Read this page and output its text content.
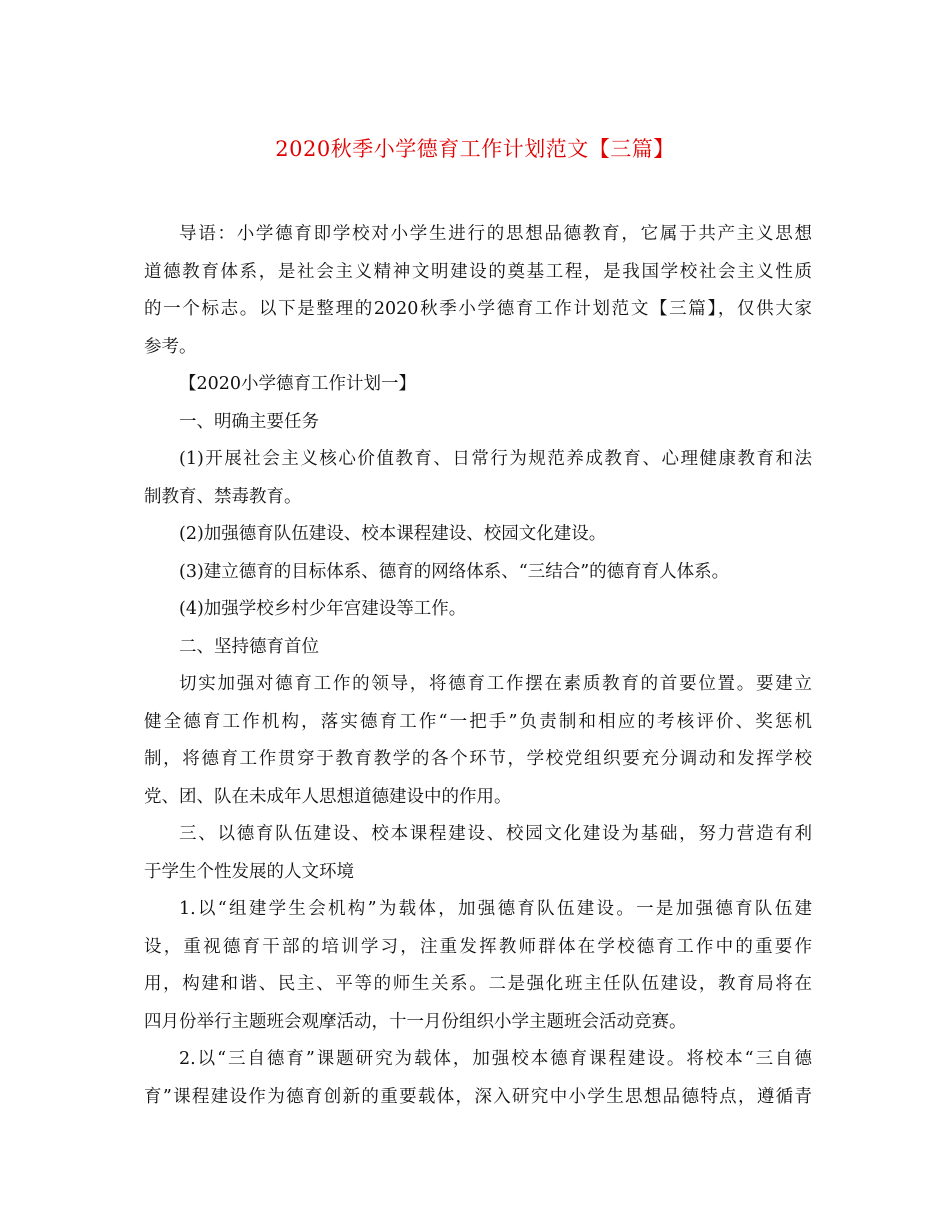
2020秋季小学德育工作计划范文【三篇】
导语：小学德育即学校对小学生进行的思想品德教育，它属于共产主义思想
道德教育体系，是社会主义精神文明建设的奠基工程，是我国学校社会主义性质
的一个标志。以下是整理的2020秋季小学德育工作计划范文【三篇】，仅供大家
参考。
【2020小学德育工作计划一】
一、明确主要任务
(1)开展社会主义核心价值教育、日常行为规范养成教育、心理健康教育和法
制教育、禁毒教育。
(2)加强德育队伍建设、校本课程建设、校园文化建设。
(3)建立德育的目标体系、德育的网络体系、“三结合”的德育育人体系。
(4)加强学校乡村少年宫建设等工作。
二、坚持德育首位
切实加强对德育工作的领导，将德育工作摆在素质教育的首要位置。要建立
健全德育工作机构，落实德育工作“一把手”负责制和相应的考核评价、奖惩机
制，将德育工作贯穿于教育教学的各个环节，学校党组织要充分调动和发挥学校
党、团、队在未成年人思想道德建设中的作用。
三、以德育队伍建设、校本课程建设、校园文化建设为基础，努力营造有利
于学生个性发展的人文环境
1.以“组建学生会机构”为载体，加强德育队伍建设。一是加强德育队伍建
设，重视德育干部的培训学习，注重发挥教师群体在学校德育工作中的重要作
用，构建和谐、民主、平等的师生关系。二是强化班主任队伍建设，教育局将在
四月份举行主题班会观摩活动，十一月份组织小学主题班会活动竞赛。
2.以“三自德育”课题研究为载体，加强校本德育课程建设。将校本“三自德
育”课程建设作为德育创新的重要载体，深入研究中小学生思想品德特点，遵循青
